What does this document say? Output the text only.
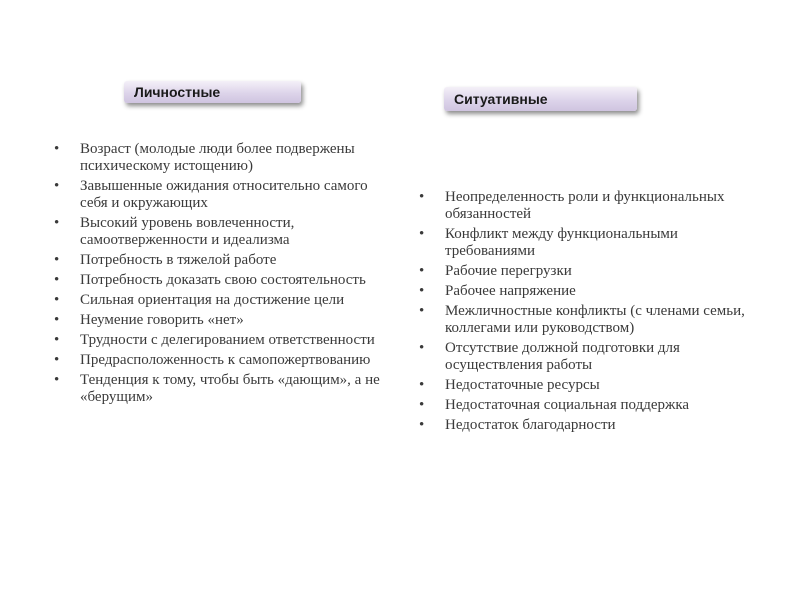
Личностные	Ситуативные
• Возраст (молодые люди более подвержены психическому истощению)
• Завышенные ожидания относительно самого себя и окружающих
• Высокий уровень вовлеченности, самоотверженности и идеализма
• Потребность в тяжелой работе
• Потребность доказать свою состоятельность
• Сильная ориентация на достижение цели
• Неумение говорить «нет»
• Трудности с делегированием ответственности
• Предрасположенность к самопожертвованию
• Тенденция к тому, чтобы быть «дающим», а не «берущим»
• Неопределенность роли и функциональных обязанностей
• Конфликт между функциональными требованиями
• Рабочие перегрузки
• Рабочее напряжение
• Межличностные конфликты (с членами семьи, коллегами или руководством)
• Отсутствие должной подготовки для осуществления работы
• Недостаточные ресурсы
• Недостаточная социальная поддержка
• Недостаток благодарности
